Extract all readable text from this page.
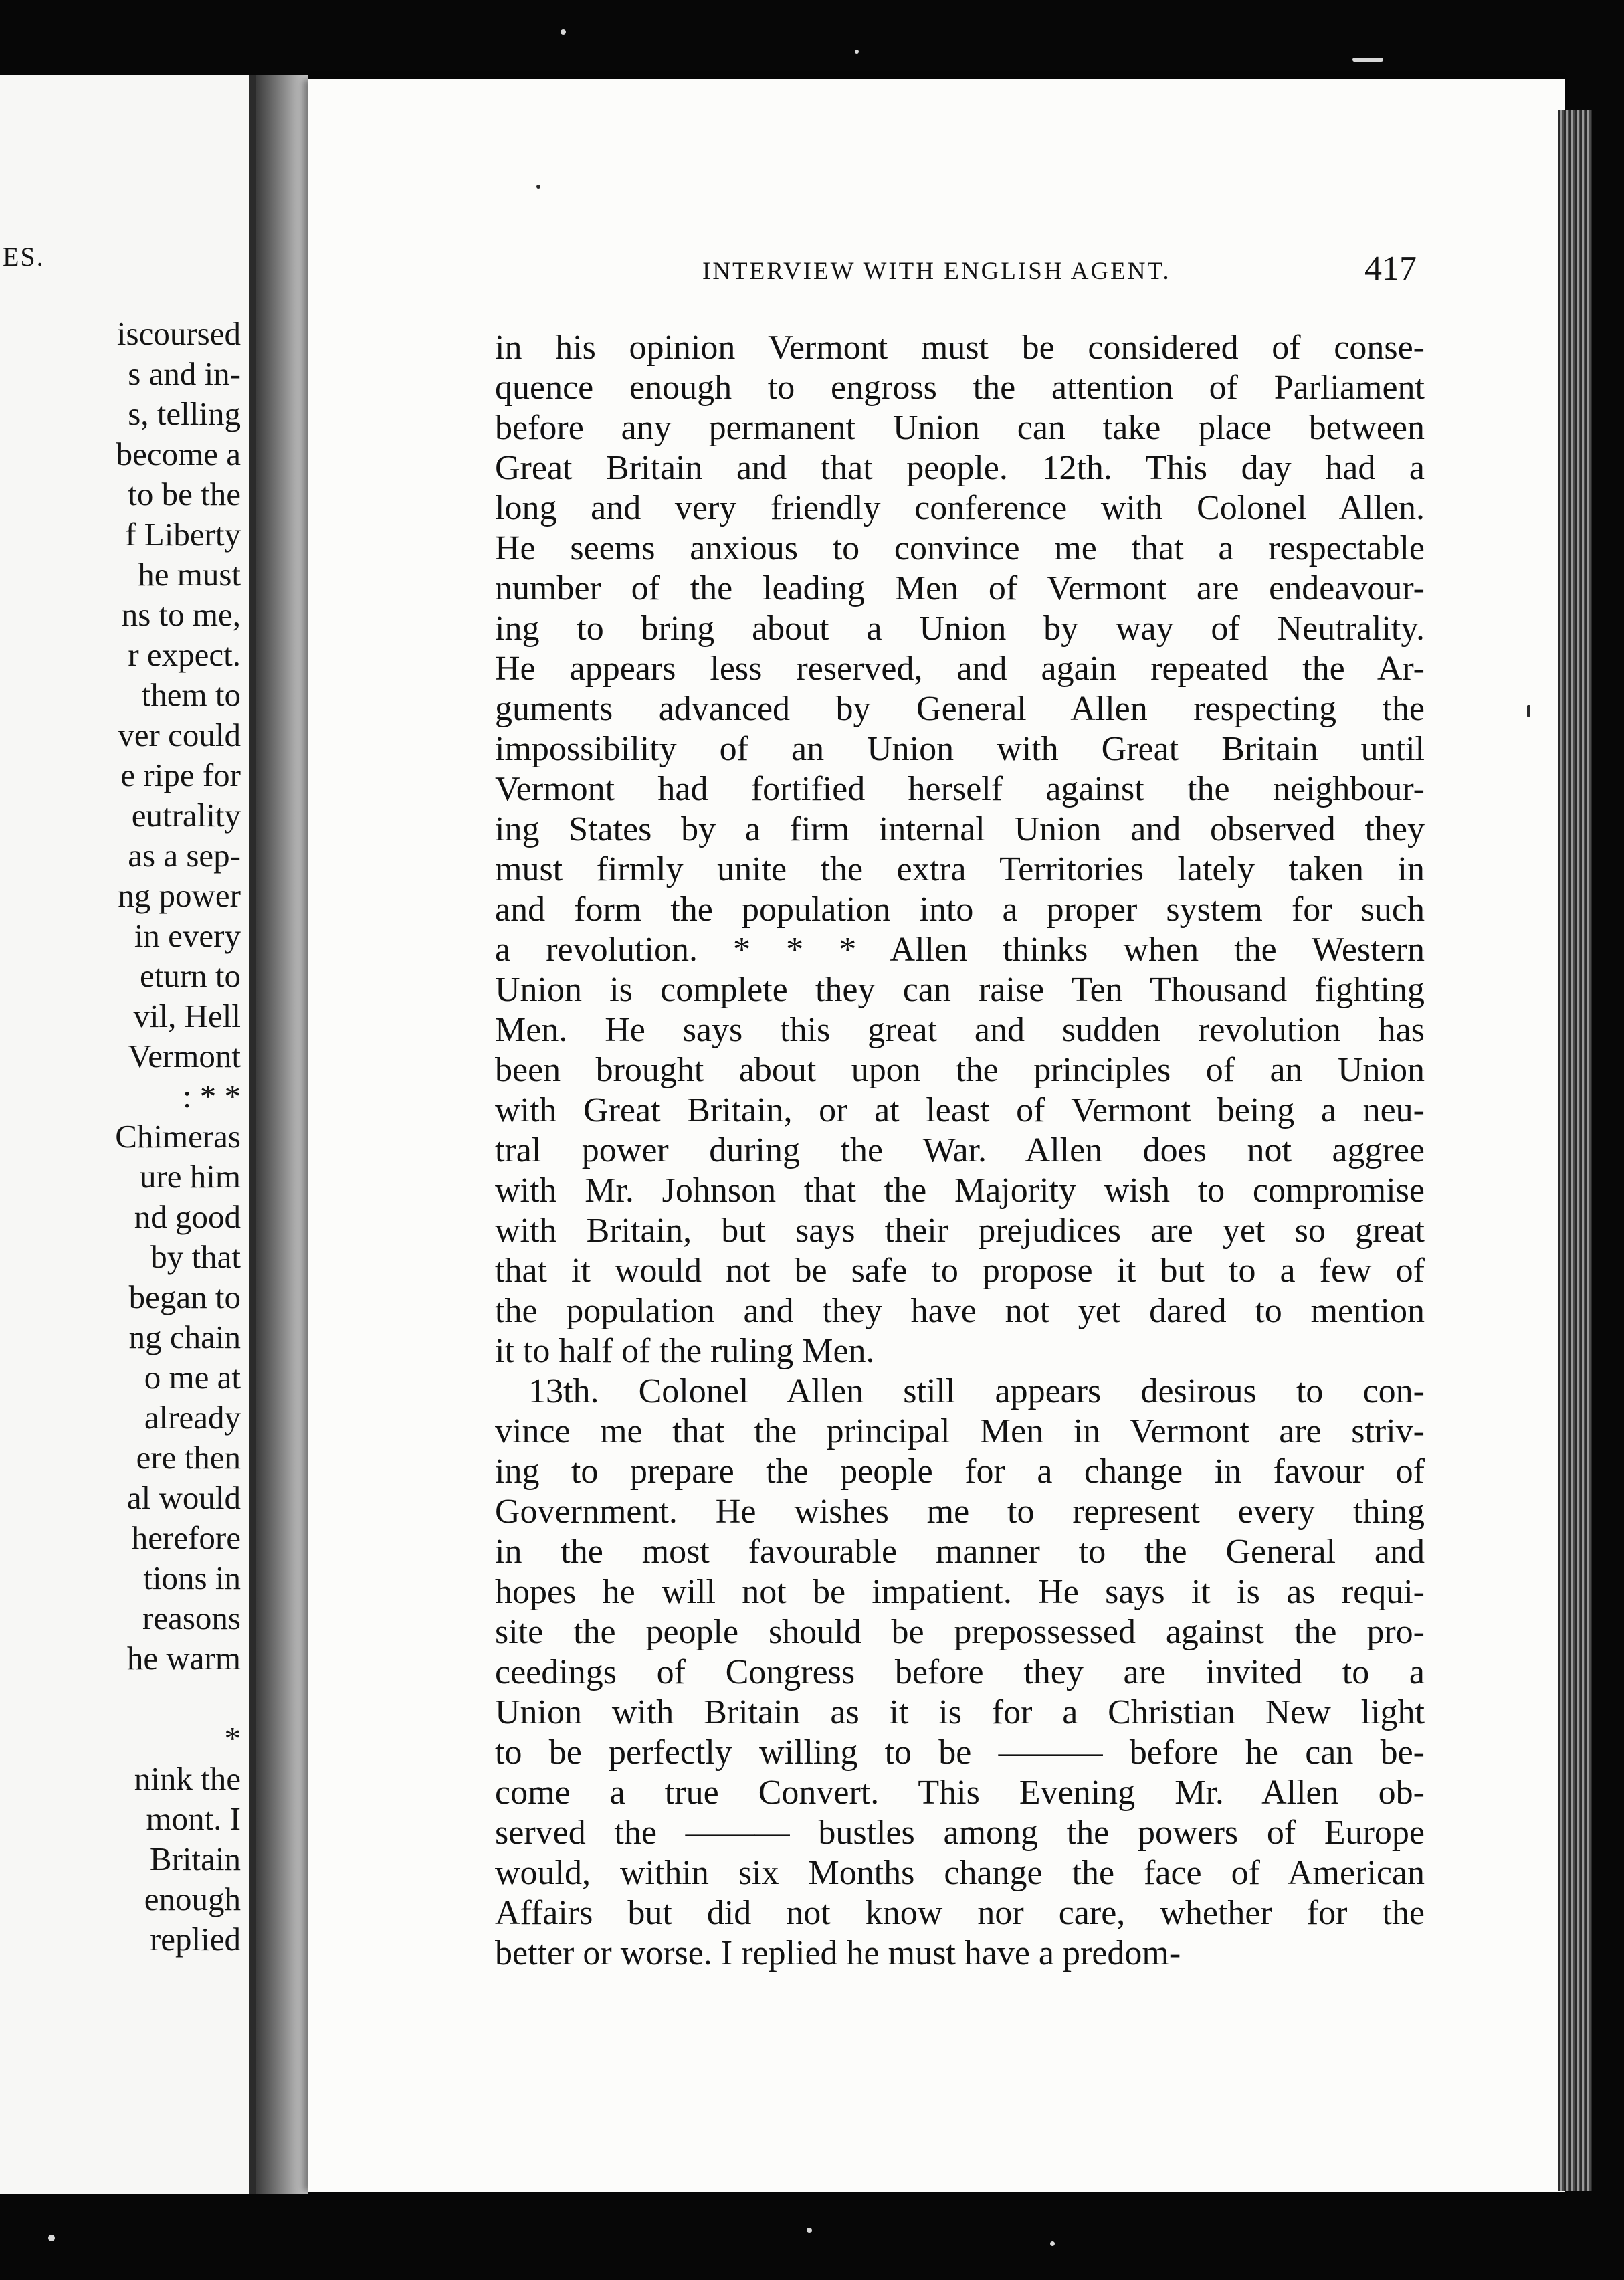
ES.
iscoursed
s and in-
s, telling
become a
to be the
f Liberty
he must
ns to me,
r expect.
them to
ver could
e ripe for
eutrality
as a sep-
ng power
in every
eturn to
vil, Hell
Vermont
: * *
Chimeras
ure him
nd good
by that
began to
ng chain
o me at
already
ere then
al would
herefore
tions in
reasons
he warm
*
nink the
mont. I
Britain
enough
replied
INTERVIEW WITH ENGLISH AGENT.	417
in his opinion Vermont must be considered of conse-
quence enough to engross the attention of Parliament
before any permanent Union can take place between
Great Britain and that people. 12th. This day had a
long and very friendly conference with Colonel Allen.
He seems anxious to convince me that a respectable
number of the leading Men of Vermont are endeavour-
ing to bring about a Union by way of Neutrality.
He appears less reserved, and again repeated the Ar-
guments advanced by General Allen respecting the
impossibility of an Union with Great Britain until
Vermont had fortified herself against the neighbour-
ing States by a firm internal Union and observed they
must firmly unite the extra Territories lately taken in
and form the population into a proper system for such
a revolution. * * * Allen thinks when the Western
Union is complete they can raise Ten Thousand fighting
Men. He says this great and sudden revolution has
been brought about upon the principles of an Union
with Great Britain, or at least of Vermont being a neu-
tral power during the War. Allen does not aggree
with Mr. Johnson that the Majority wish to compromise
with Britain, but says their prejudices are yet so great
that it would not be safe to propose it but to a few of
the population and they have not yet dared to mention
it to half of the ruling Men.
13th. Colonel Allen still appears desirous to con-
vince me that the principal Men in Vermont are striv-
ing to prepare the people for a change in favour of
Government. He wishes me to represent every thing
in the most favourable manner to the General and
hopes he will not be impatient. He says it is as requi-
site the people should be prepossessed against the pro-
ceedings of Congress before they are invited to a
Union with Britain as it is for a Christian New light
to be perfectly willing to be ——— before he can be-
come a true Convert. This Evening Mr. Allen ob-
served the ——— bustles among the powers of Europe
would, within six Months change the face of American
Affairs but did not know nor care, whether for the
better or worse. I replied he must have a predom-
